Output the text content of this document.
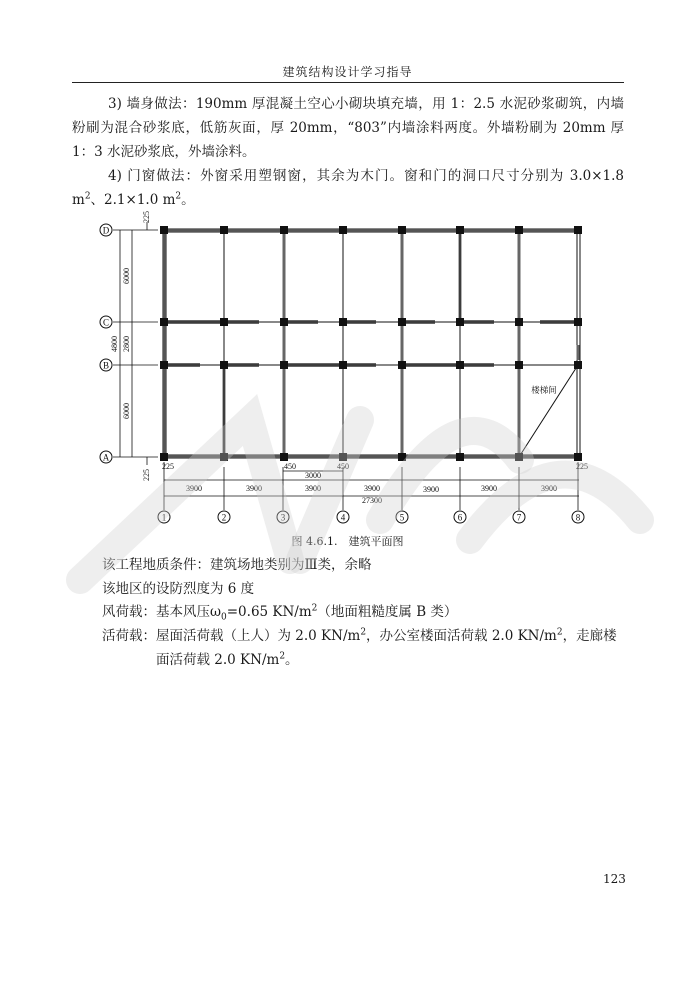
建筑结构设计学习指导
3) 墙身做法：190mm 厚混凝土空心小砌块填充墙，用 1：2.5 水泥砂浆砌筑，内墙粉刷为混合砂浆底，低筋灰面，厚 20mm，“803”内墙涂料两度。外墙粉刷为 20mm 厚 1：3 水泥砂浆底，外墙涂料。
4) 门窗做法：外窗采用塑钢窗，其余为木门。窗和门的洞口尺寸分别为 3.0×1.8 $m^2$、2.1×1.0 $m^2$。
D
C
B
A
1	2	3	4	5	6	7	8
225
6000
2800
4800
6000
225
225	450
3000
450	225
3900	3900	3900	3900	3900	3900	3900
27300
楼梯间
图 4.6.1.　建筑平面图
该工程地质条件：建筑场地类别为Ⅲ类，余略
该地区的设防烈度为 6 度
风荷载：基本风压$\omega_0=0.65$ $KN/m^2$（地面粗糙度属 B 类）
活荷载：屋面活荷载（上人）为 2.0 $KN/m^2$，办公室楼面活荷载 2.0 $KN/m^2$，走廊楼
面活荷载 2.0 $KN/m^2$。
123
